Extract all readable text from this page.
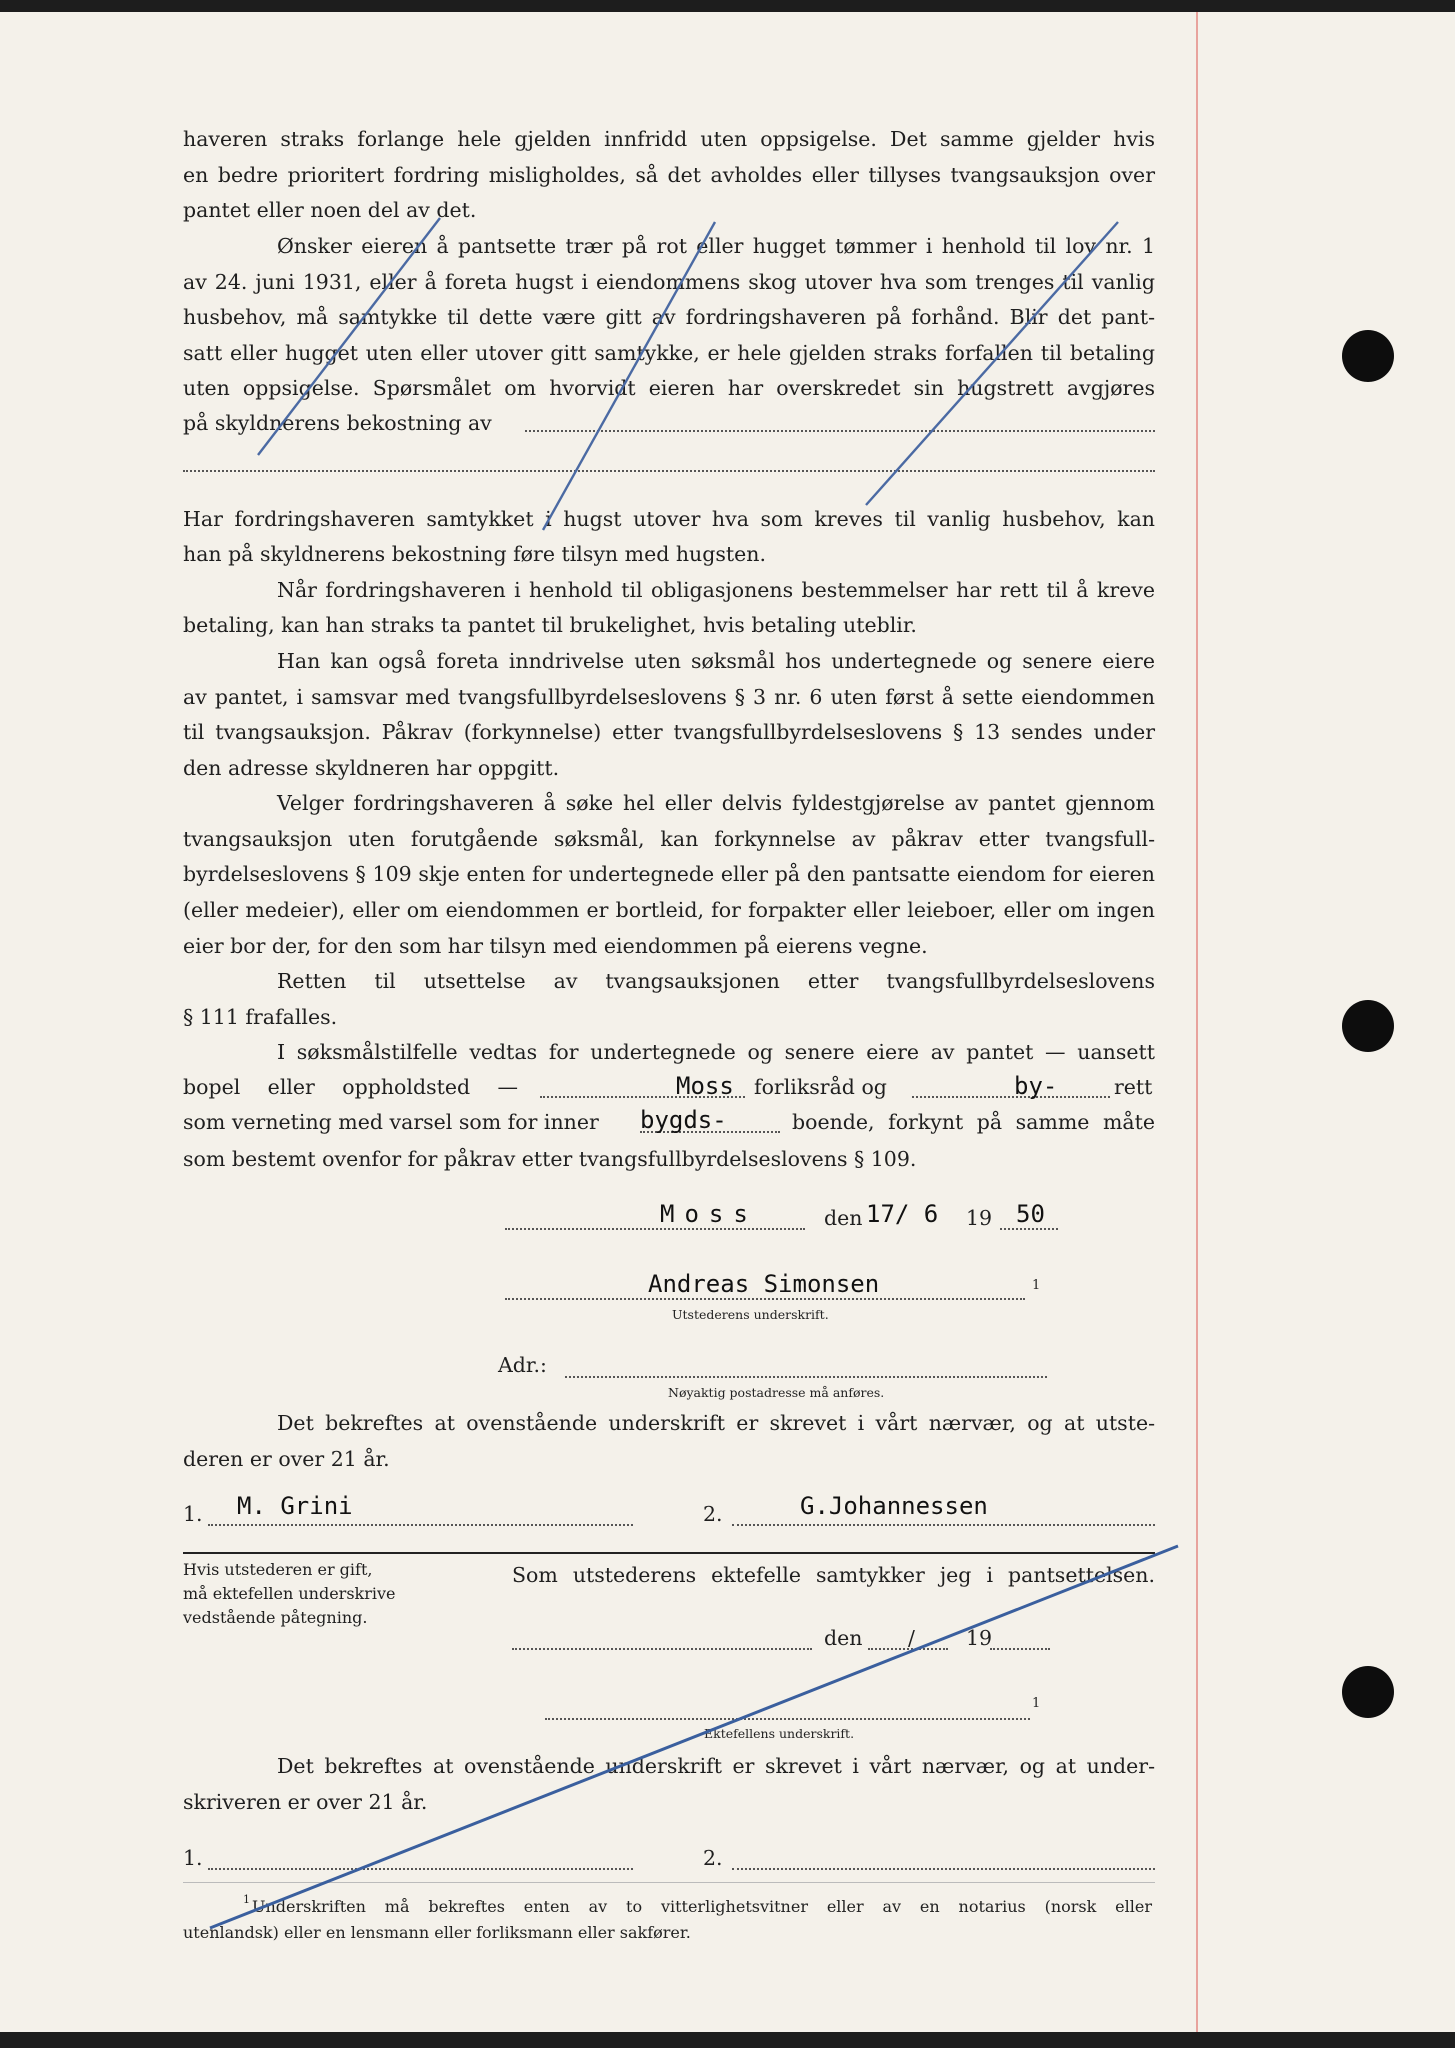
haveren straks forlange hele gjelden innfridd uten oppsigelse. Det samme gjelder hvis
en bedre prioritert fordring misligholdes, så det avholdes eller tillyses tvangsauksjon over
pantet eller noen del av det.
Ønsker eieren å pantsette trær på rot eller hugget tømmer i henhold til lov nr. 1
av 24. juni 1931, eller å foreta hugst i eiendommens skog utover hva som trenges til vanlig
husbehov, må samtykke til dette være gitt av fordringshaveren på forhånd. Blir det pant-
satt eller hugget uten eller utover gitt samtykke, er hele gjelden straks forfallen til betaling
uten oppsigelse. Spørsmålet om hvorvidt eieren har overskredet sin hugstrett avgjøres
på skyldnerens bekostning av
Har fordringshaveren samtykket i hugst utover hva som kreves til vanlig husbehov, kan
han på skyldnerens bekostning føre tilsyn med hugsten.
Når fordringshaveren i henhold til obligasjonens bestemmelser har rett til å kreve
betaling, kan han straks ta pantet til brukelighet, hvis betaling uteblir.
Han kan også foreta inndrivelse uten søksmål hos undertegnede og senere eiere
av pantet, i samsvar med tvangsfullbyrdelseslovens § 3 nr. 6 uten først å sette eiendommen
til tvangsauksjon. Påkrav (forkynnelse) etter tvangsfullbyrdelseslovens § 13 sendes under
den adresse skyldneren har oppgitt.
Velger fordringshaveren å søke hel eller delvis fyldestgjørelse av pantet gjennom
tvangsauksjon uten forutgående søksmål, kan forkynnelse av påkrav etter tvangsfull-
byrdelseslovens § 109 skje enten for undertegnede eller på den pantsatte eiendom for eieren
(eller medeier), eller om eiendommen er bortleid, for forpakter eller leieboer, eller om ingen
eier bor der, for den som har tilsyn med eiendommen på eierens vegne.
Retten til utsettelse av tvangsauksjonen etter tvangsfullbyrdelseslovens
§ 111 frafalles.
I søksmålstilfelle vedtas for undertegnede og senere eiere av pantet — uansett
bopel eller oppholdsted —	Moss forliksråd og	by-	rett
som verneting med varsel som for inner bygds-	boende, forkynt på samme måte
som bestemt ovenfor for påkrav etter tvangsfullbyrdelseslovens § 109.
Moss	den 17/ 6 19 50
Andreas Simonsen	1
Utstederens underskrift.
Adr.:
Nøyaktig postadresse må anføres.
Det bekreftes at ovenstående underskrift er skrevet i vårt nærvær, og at utste-
deren er over 21 år.
1. M. Grini	2.	G.Johannessen
Hvis utstederen er gift,
må ektefellen underskrive
vedstående påtegning.
Som utstederens ektefelle samtykker jeg i pantsettelsen.
den / 19
1
Ektefellens underskrift.
Det bekreftes at ovenstående underskrift er skrevet i vårt nærvær, og at under-
skriveren er over 21 år.
1.	2.
1 Underskriften må bekreftes enten av to vitterlighetsvitner eller av en notarius (norsk eller
utenlandsk) eller en lensmann eller forliksmann eller sakfører.
